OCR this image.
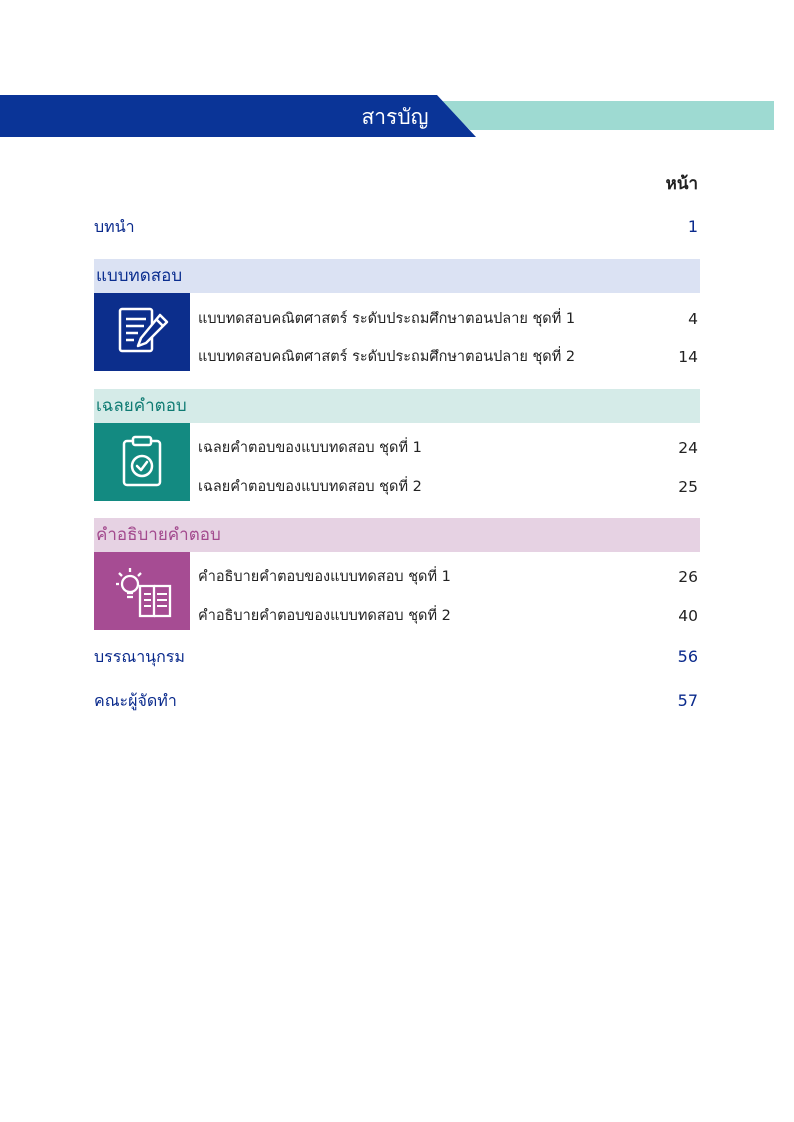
สารบัญ
หน้า
บทนำ	1
แบบทดสอบ
แบบทดสอบคณิตศาสตร์ ระดับประถมศึกษาตอนปลาย ชุดที่ 1	4
แบบทดสอบคณิตศาสตร์ ระดับประถมศึกษาตอนปลาย ชุดที่ 2	14
เฉลยคำตอบ
เฉลยคำตอบของแบบทดสอบ ชุดที่ 1	24
เฉลยคำตอบของแบบทดสอบ ชุดที่ 2	25
คำอธิบายคำตอบ
คำอธิบายคำตอบของแบบทดสอบ ชุดที่ 1	26
คำอธิบายคำตอบของแบบทดสอบ ชุดที่ 2	40
บรรณานุกรม	56
คณะผู้จัดทำ	57
